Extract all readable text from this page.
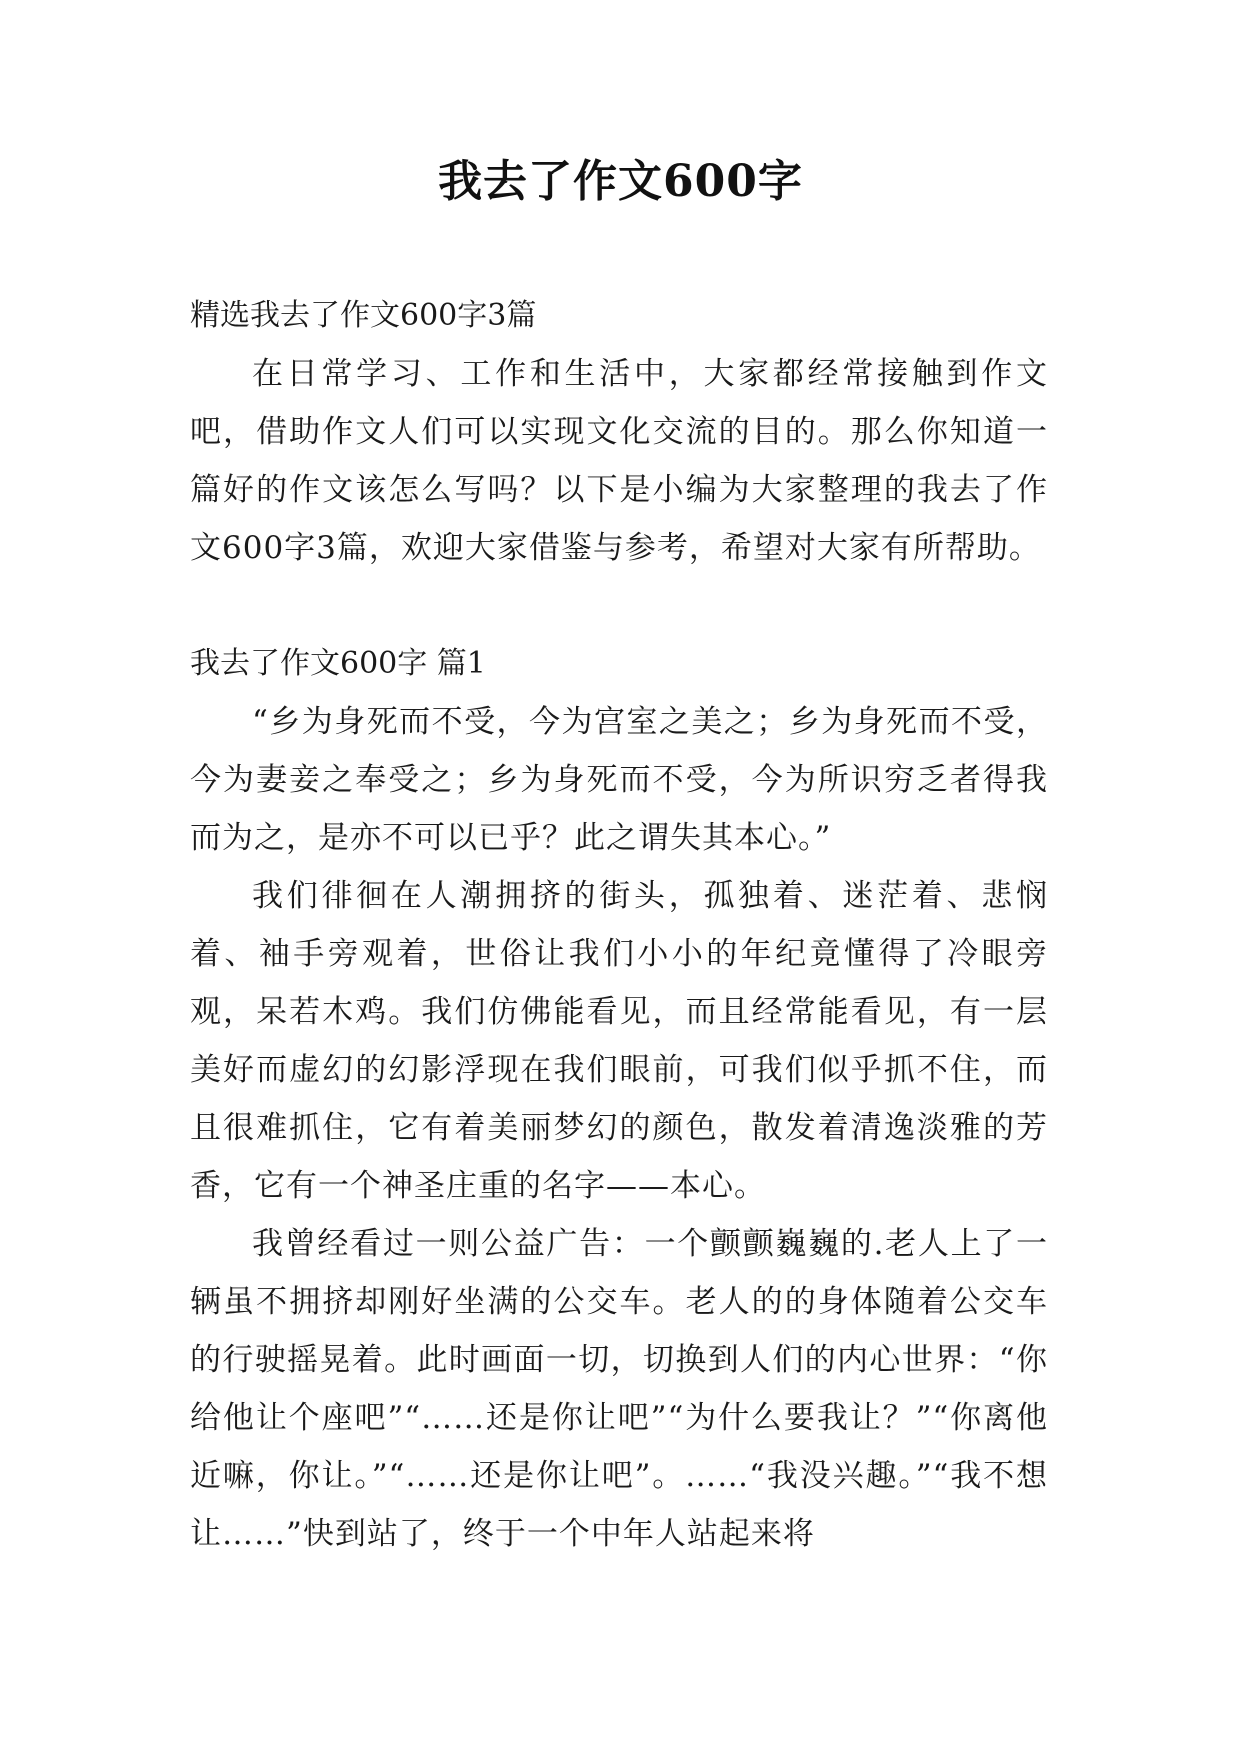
我去了作文600字

精选我去了作文600字3篇

在日常学习、工作和生活中，大家都经常接触到作文吧，借助作文人们可以实现文化交流的目的。那么你知道一篇好的作文该怎么写吗？以下是小编为大家整理的我去了作文600字3篇，欢迎大家借鉴与参考，希望对大家有所帮助。

我去了作文600字 篇1

“乡为身死而不受，今为宫室之美之；乡为身死而不受，今为妻妾之奉受之；乡为身死而不受，今为所识穷乏者得我而为之，是亦不可以已乎？此之谓失其本心。”

我们徘徊在人潮拥挤的街头，孤独着、迷茫着、悲悯着、袖手旁观着，世俗让我们小小的年纪竟懂得了冷眼旁观，呆若木鸡。我们仿佛能看见，而且经常能看见，有一层美好而虚幻的幻影浮现在我们眼前，可我们似乎抓不住，而且很难抓住，它有着美丽梦幻的颜色，散发着清逸淡雅的芳香，它有一个神圣庄重的名字——本心。

我曾经看过一则公益广告：一个颤颤巍巍的.老人上了一辆虽不拥挤却刚好坐满的公交车。老人的的身体随着公交车的行驶摇晃着。此时画面一切，切换到人们的内心世界：“你给他让个座吧”“……还是你让吧”“为什么要我让？”“你离他近嘛，你让。”“……还是你让吧”。……“我没兴趣。”“我不想让……”快到站了，终于一个中年人站起来将
